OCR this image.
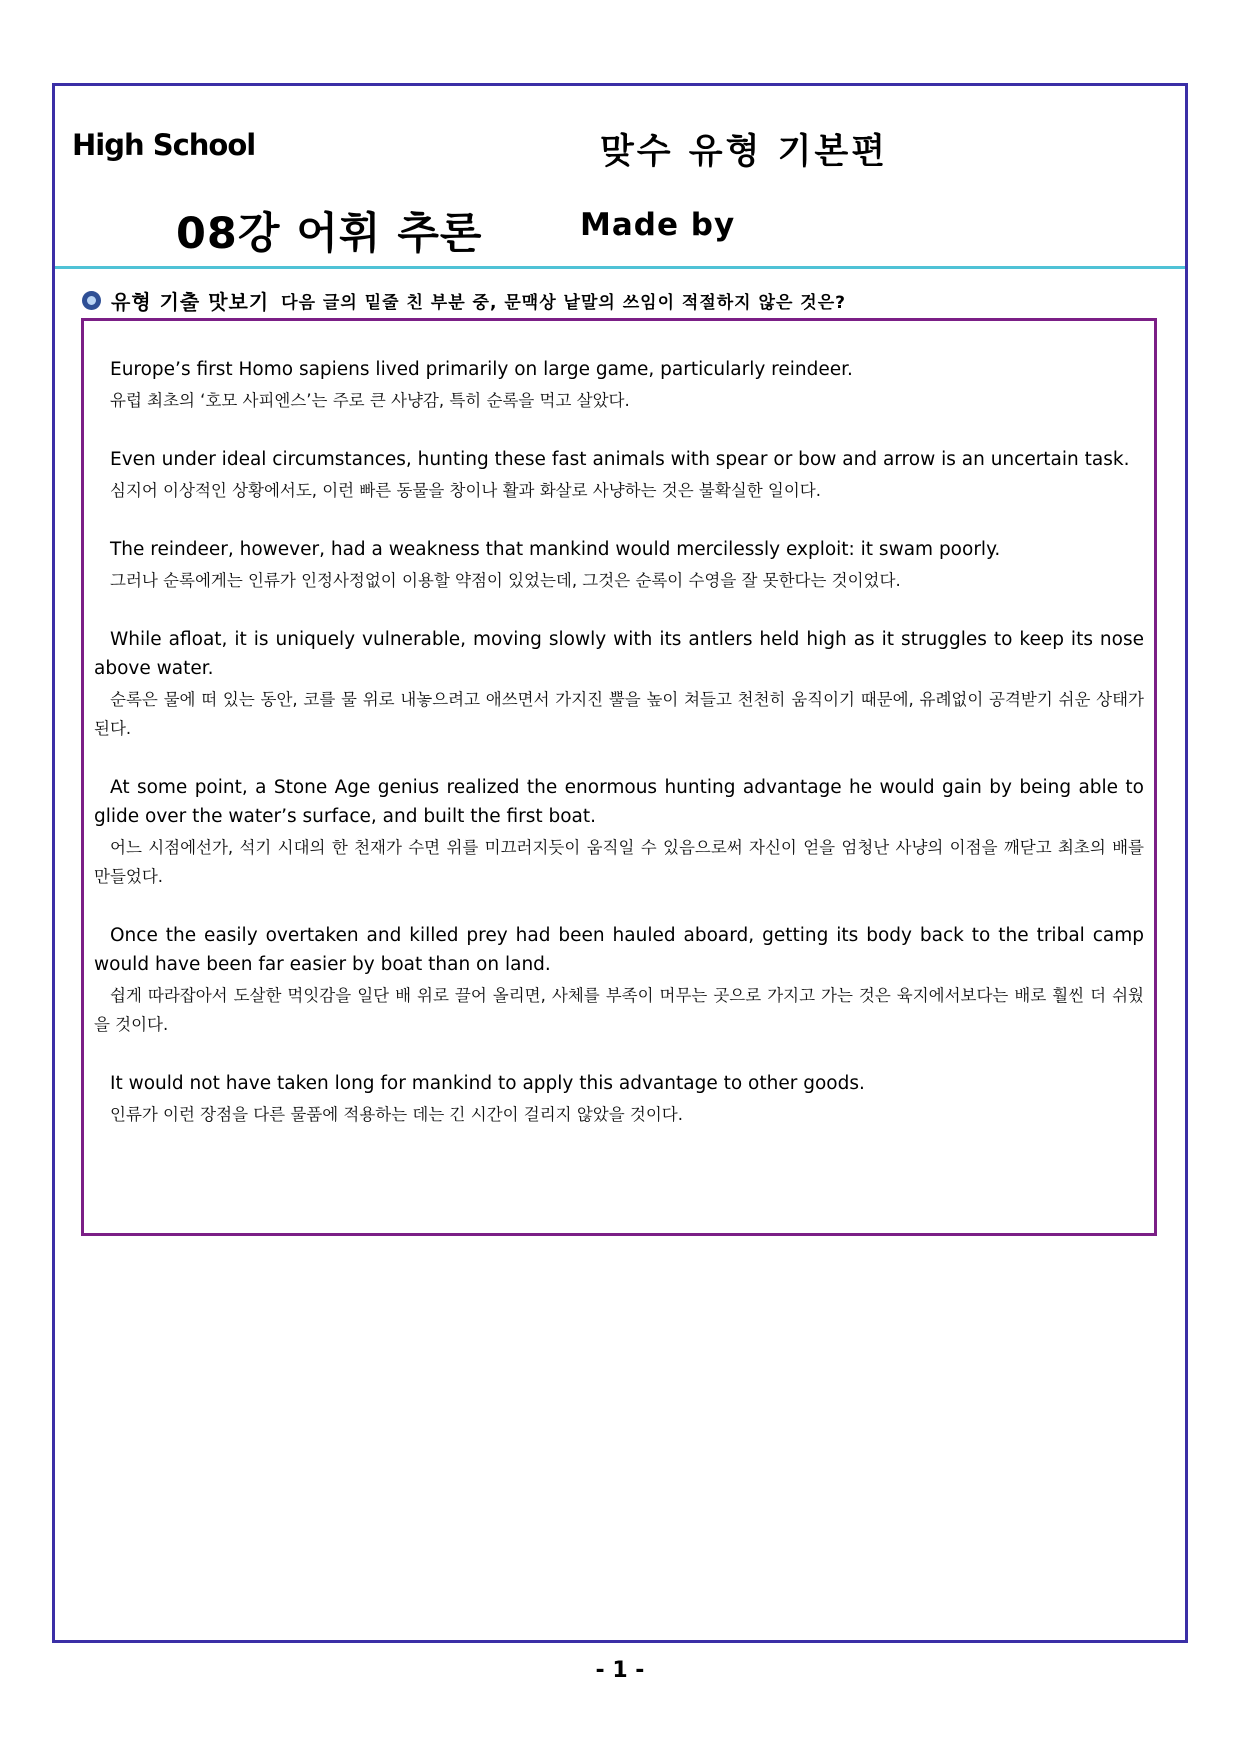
High School	맞수 유형 기본편
08강 어휘 추론	Made by
유형 기출 맛보기 다음 글의 밑줄 친 부분 중, 문맥상 낱말의 쓰임이 적절하지 않은 것은?

Europe’s first Homo sapiens lived primarily on large game, particularly reindeer.

유럽 최초의 ‘호모 사피엔스’는 주로 큰 사냥감, 특히 순록을 먹고 살았다.

Even under ideal circumstances, hunting these fast animals with spear or bow and arrow is an uncertain task.

심지어 이상적인 상황에서도, 이런 빠른 동물을 창이나 활과 화살로 사냥하는 것은 불확실한 일이다.

The reindeer, however, had a weakness that mankind would mercilessly exploit: it swam poorly.

그러나 순록에게는 인류가 인정사정없이 이용할 약점이 있었는데, 그것은 순록이 수영을 잘 못한다는 것이었다.

While afloat, it is uniquely vulnerable, moving slowly with its antlers held high as it struggles to keep its nose above water.

순록은 물에 떠 있는 동안, 코를 물 위로 내놓으려고 애쓰면서 가지진 뿔을 높이 쳐들고 천천히 움직이기 때문에, 유례없이 공격받기 쉬운 상태가 된다.

At some point, a Stone Age genius realized the enormous hunting advantage he would gain by being able to glide over the water’s surface, and built the first boat.

어느 시점에선가, 석기 시대의 한 천재가 수면 위를 미끄러지듯이 움직일 수 있음으로써 자신이 얻을 엄청난 사냥의 이점을 깨닫고 최초의 배를 만들었다.

Once the easily overtaken and killed prey had been hauled aboard, getting its body back to the tribal camp would have been far easier by boat than on land.

쉽게 따라잡아서 도살한 먹잇감을 일단 배 위로 끌어 올리면, 사체를 부족이 머무는 곳으로 가지고 가는 것은 육지에서보다는 배로 훨씬 더 쉬웠을 것이다.

It would not have taken long for mankind to apply this advantage to other goods.

인류가 이런 장점을 다른 물품에 적용하는 데는 긴 시간이 걸리지 않았을 것이다.

- 1 -
